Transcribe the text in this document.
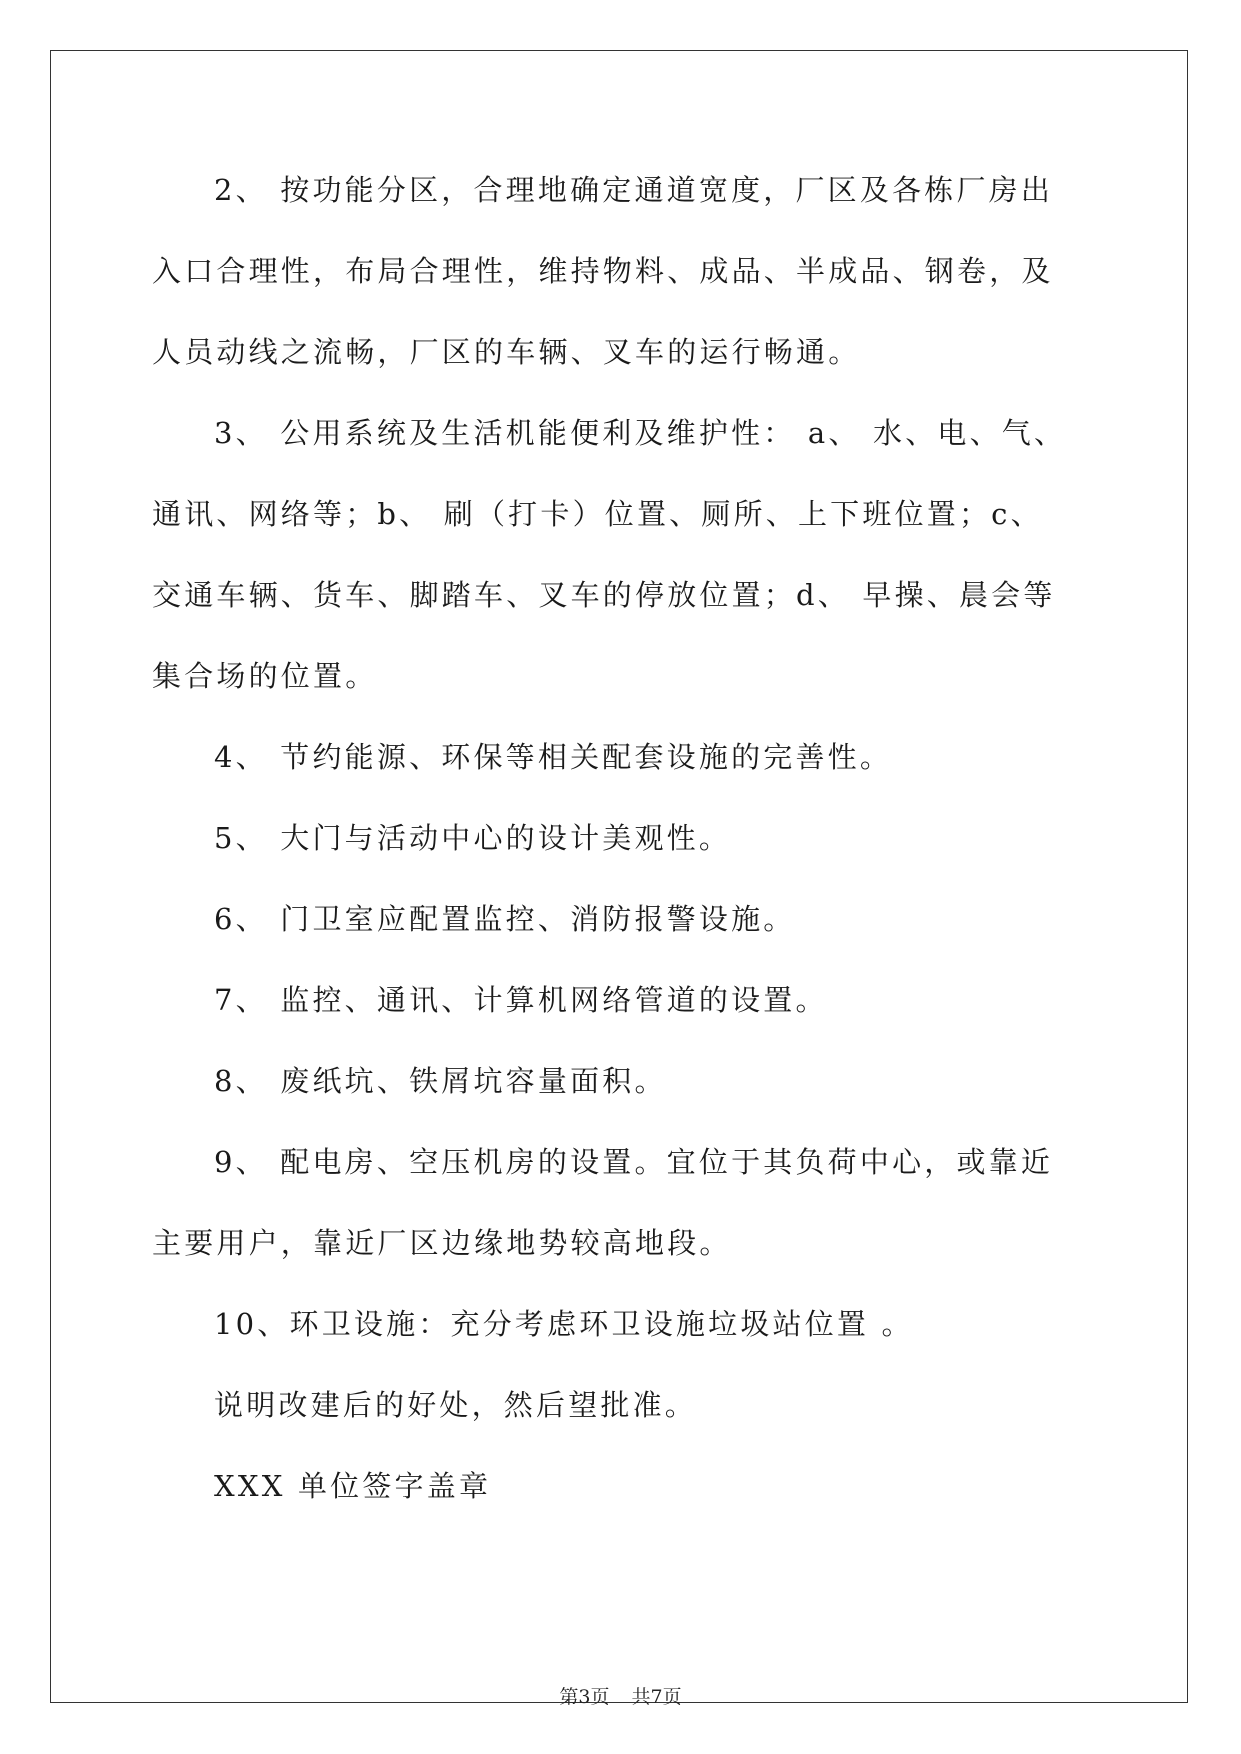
2、 按功能分区，合理地确定通道宽度，厂区及各栋厂房出入口合理性，布局合理性，维持物料、成品、半成品、钢卷，及人员动线之流畅，厂区的车辆、叉车的运行畅通。

3、 公用系统及生活机能便利及维护性： a、 水、电、气、通讯、网络等；b、 刷（打卡）位置、厕所、上下班位置；c、 交通车辆、货车、脚踏车、叉车的停放位置；d、 早操、晨会等集合场的位置。

4、 节约能源、环保等相关配套设施的完善性。

5、 大门与活动中心的设计美观性。

6、 门卫室应配置监控、消防报警设施。

7、 监控、通讯、计算机网络管道的设置。

8、 废纸坑、铁屑坑容量面积。

9、 配电房、空压机房的设置。宜位于其负荷中心，或靠近主要用户，靠近厂区边缘地势较高地段。

10、环卫设施：充分考虑环卫设施垃圾站位置 。

说明改建后的好处，然后望批准。

XXX 单位签字盖章

第3页 共7页
